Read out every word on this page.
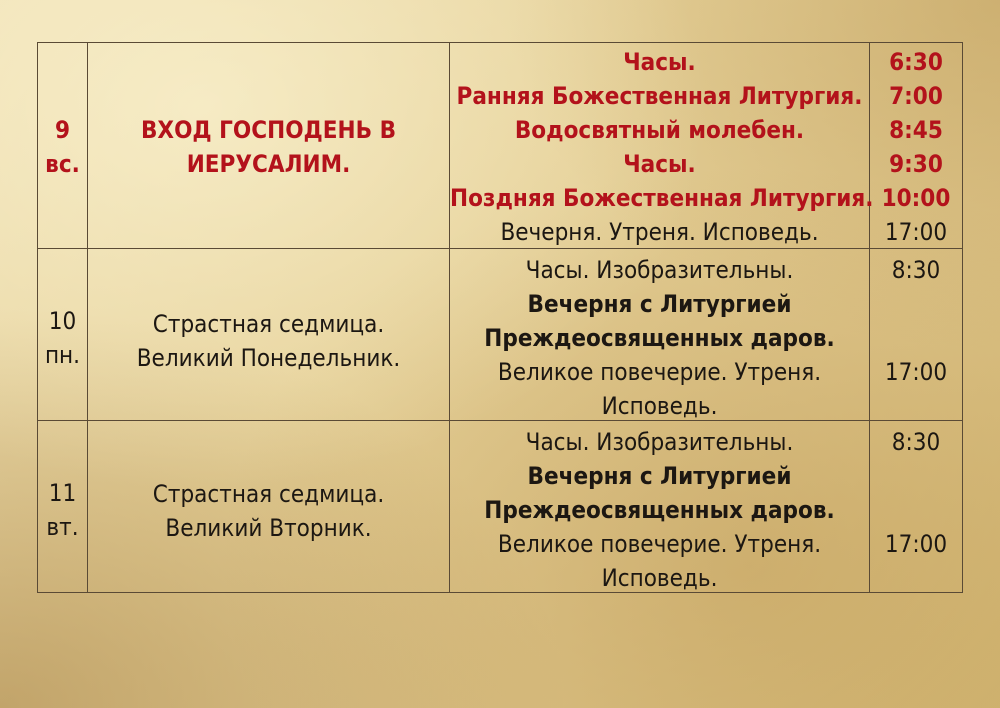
9
вс.
ВХОД ГОСПОДЕНЬ В
ИЕРУСАЛИМ.
Часы.
Ранняя Божественная Литургия.
Водосвятный молебен.
Часы.
Поздняя Божественная Литургия.
Вечерня. Утреня. Исповедь.
6:30
7:00
8:45
9:30
10:00
17:00
10
пн.
Страстная седмица.
Великий Понедельник.
Часы. Изобразительны.
Вечерня с Литургией
Преждеосвященных даров.
Великое повечерие. Утреня.
Исповедь.
8:30
17:00
11
вт.
Страстная седмица.
Великий Вторник.
Часы. Изобразительны.
Вечерня с Литургией
Преждеосвященных даров.
Великое повечерие. Утреня.
Исповедь.
8:30
17:00
